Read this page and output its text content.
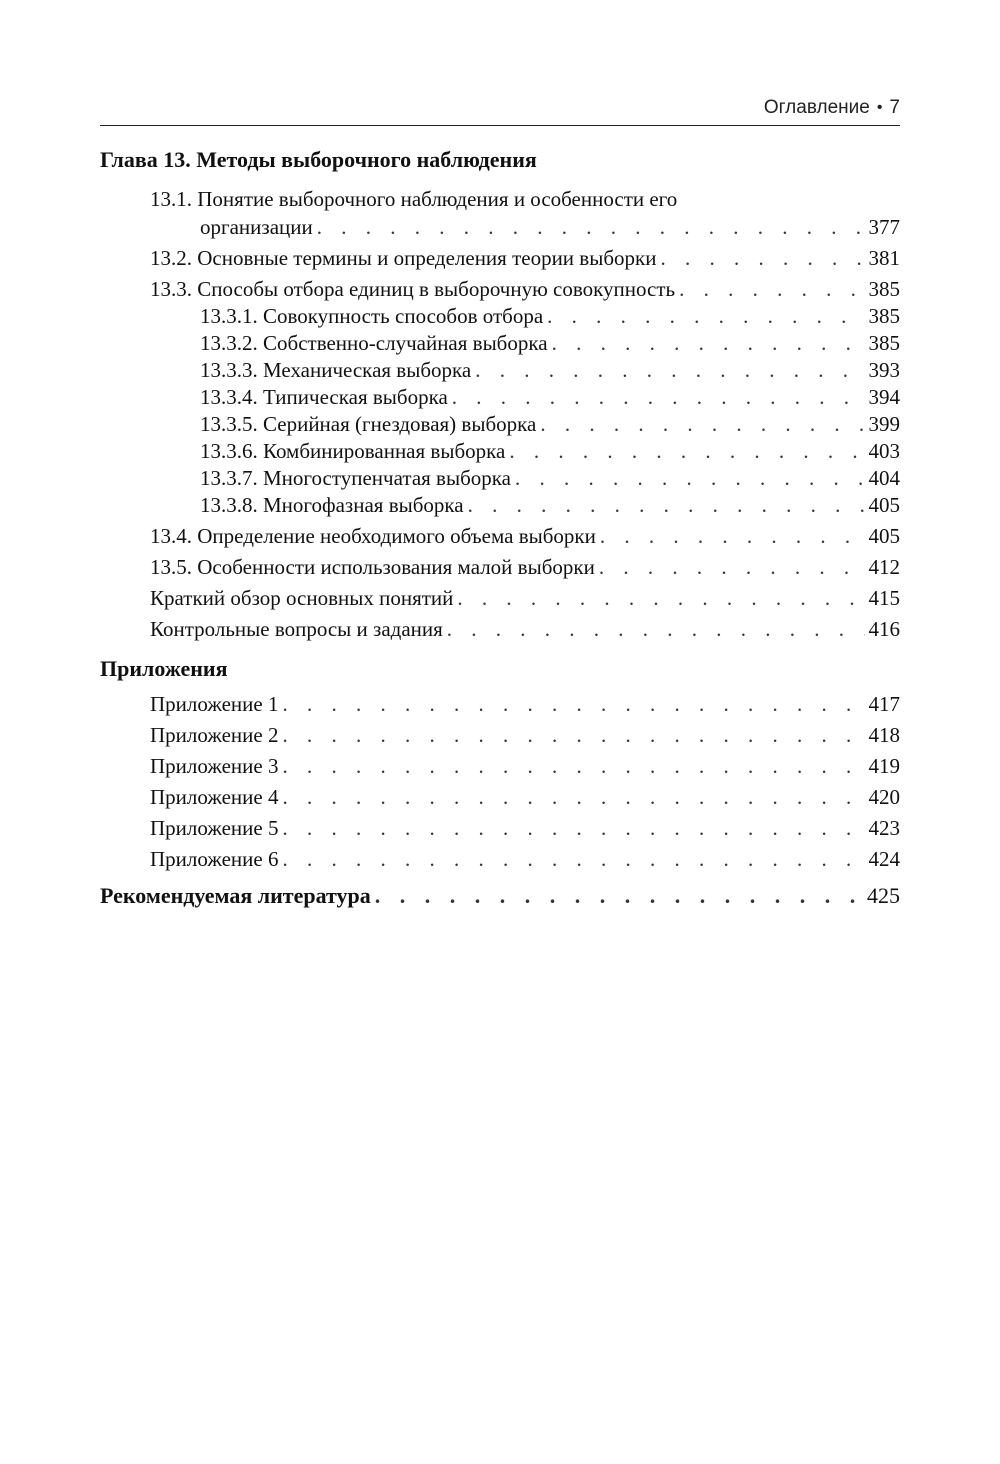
Оглавление • 7
Глава 13. Методы выборочного наблюдения
13.1. Понятие выборочного наблюдения и особенности его
организации . . .	377
13.2. Основные термины и определения теории выборки . . .	381
13.3. Способы отбора единиц в выборочную совокупность . . .	385
13.3.1. Совокупность способов отбора . . .	385
13.3.2. Собственно-случайная выборка . . .	385
13.3.3. Механическая выборка . . .	393
13.3.4. Типическая выборка . . .	394
13.3.5. Серийная (гнездовая) выборка . . .	399
13.3.6. Комбинированная выборка . . .	403
13.3.7. Многоступенчатая выборка . . .	404
13.3.8. Многофазная выборка . . .	405
13.4. Определение необходимого объема выборки . . .	405
13.5. Особенности использования малой выборки . . .	412
Краткий обзор основных понятий . . .	415
Контрольные вопросы и задания . . .	416
Приложения
Приложение 1 . . .	417
Приложение 2 . . .	418
Приложение 3 . . .	419
Приложение 4 . . .	420
Приложение 5 . . .	423
Приложение 6 . . .	424
Рекомендуемая литература . . .	425
